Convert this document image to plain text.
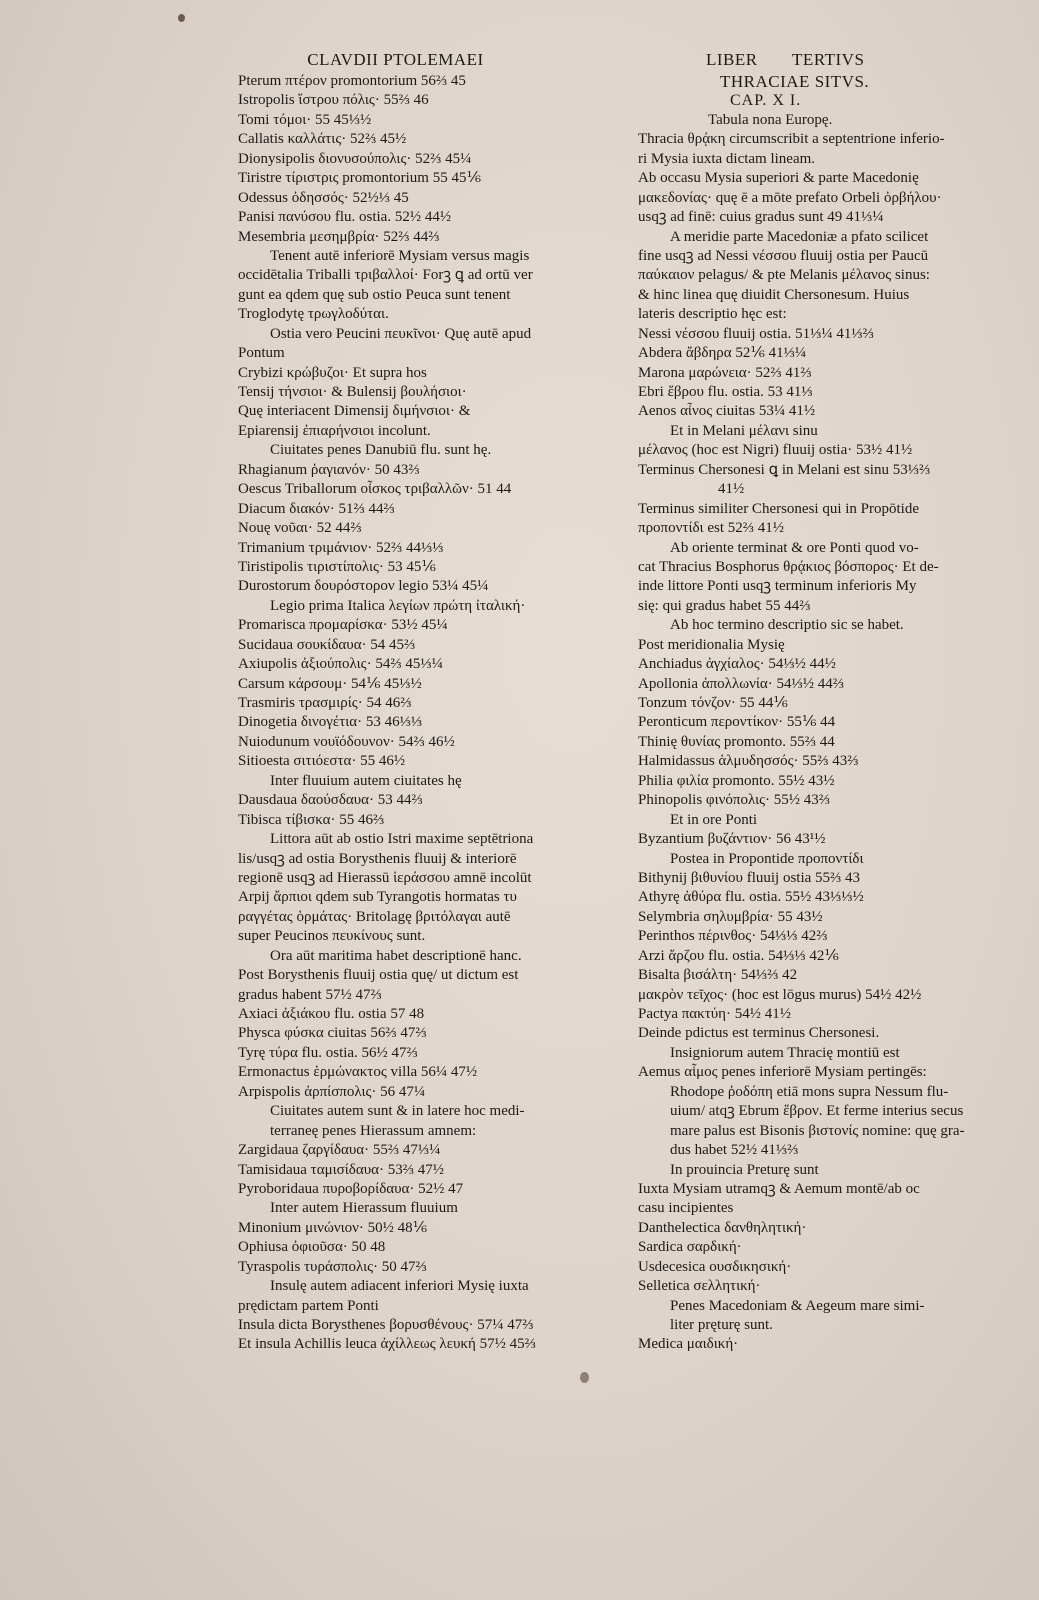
CLAVDII PTOLEMAEI
Pterum πτέρον promontorium 56⅔ 45
Istropolis ἵστρου πόλις· 55⅔ 46
Tomi τόμοι· 55 45⅓½
Callatis καλλάτις· 52⅔ 45½
Dionysipolis διονυσούπολις· 52⅔ 45¼
Tiristre τίριστρις promontorium 55 45⅙
Odessus ὀδησσός· 52½⅓ 45
Panisi πανύσου flu. ostia. 52½ 44½
Mesembria μεσημβρία· 52⅔ 44⅔
Tenent autē inferiorē Mysiam versus magis
occidētalia Triballi τριβαλλοί· Forꝫ ꝗ ad ortū ver
gunt ea qdem quę sub ostio Peuca sunt tenent
Troglodytę τρωγλοδύται.
Ostia vero Peucini πευκῖνοι· Quę autē apud
Pontum
Crybizi κρώβυζοι· Et supra hos
Tensij τήνσιοι· & Bulensij βουλήσιοι·
Quę interiacent Dimensij διμήνσιοι· &
Epiarensij ἐπιαρήνσιοι incolunt.
Ciuitates penes Danubiū flu. sunt hę.
Rhagianum ῥαγιανόν· 50 43⅔
Oescus Triballorum οἶσκος τριβαλλῶν· 51 44
Diacum διακόν· 51⅔ 44⅔
Nouę νοῦαι· 52 44⅔
Trimanium τριμάνιον· 52⅔ 44⅓⅓
Tiristipolis τιριστίπολις· 53 45⅙
Durostorum δουρόστορον legio 53¼ 45¼
Legio prima Italica λεγίων πρώτη ἰταλική·
Promarisca προμαρίσκα· 53½ 45¼
Sucidaua σουκίδαυα· 54 45⅔
Axiupolis ἀξιούπολις· 54⅔ 45⅓¼
Carsum κάρσουμ· 54⅙ 45⅓½
Trasmiris τρασμιρίς· 54 46⅔
Dinogetia δινογέτια· 53 46⅓⅓
Nuiodunum νουϊόδουνον· 54⅔ 46½
Sitioesta σιτιόεστα· 55 46½
Inter fluuium autem ciuitates hę
Dausdaua δαούσδαυα· 53 44⅔
Tibisca τίβισκα· 55 46⅔
Littora aūt ab ostio Istri maxime septētriona
lis/usqꝫ ad ostia Borysthenis fluuij & interiorē
regionē usqꝫ ad Hierassū ἱεράσσου amnē incolūt
Arpij ἄρπιοι qdem sub Tyrangotis hormatas τυ
ραγγέτας ὁρμάτας· Britolagę βριτόλαγαι autē
super Peucinos πευκίνους sunt.
Ora aūt maritima habet descriptionē hanc.
Post Borysthenis fluuij ostia quę/ ut dictum est
gradus habent 57½ 47⅔
Axiaci ἀξιάκου flu. ostia 57 48
Physca φύσκα ciuitas 56⅔ 47⅔
Tyrę τύρα flu. ostia. 56½ 47⅔
Ermonactus ἑρμώνακτος villa 56¼ 47½
Arpispolis ἀρπίσπολις· 56 47¼
Ciuitates autem sunt & in latere hoc medi-
terraneę penes Hierassum amnem:
Zargidaua ζαργίδαυα· 55⅔ 47⅓¼
Tamisidaua ταμισίδαυα· 53⅔ 47½
Pyroboridaua πυροβορίδαυα· 52½ 47
Inter autem Hierassum fluuium
Minonium μινώνιον· 50½ 48⅙
Ophiusa ὀφιοῦσα· 50 48
Tyraspolis τυράσπολις· 50 47⅔
Insulę autem adiacent inferiori Mysię iuxta
prędictam partem Ponti
Insula dicta Borysthenes βορυσθένους· 57¼ 47⅔
Et insula Achillis leuca ἀχίλλεως λευκή 57½ 45⅔
LIBER TERTIVS
THRACIAE SITVS.
CAP. X I.
Tabula nona Europę.
Thracia θρᾴκη circumscribit a septentrione inferio-
ri Mysia iuxta dictam lineam.
Ab occasu Mysia superiori & parte Macedonię
μακεδονίας· quę ē a mōte prefato Orbeli ὀρβήλου·
usqꝫ ad finē: cuius gradus sunt 49 41⅓¼
A meridie parte Macedoniæ a pfato scilicet
fine usqꝫ ad Nessi νέσσου fluuij ostia per Paucū
παύκαιον pelagus/ & pte Melanis μέλανος sinus:
& hinc linea quę diuidit Chersonesum. Huius
lateris descriptio hęc est:
Nessi νέσσου fluuij ostia. 51⅓¼ 41⅓⅔
Abdera ἄβδηρα 52⅙ 41⅓¼
Marona μαρώνεια· 52⅔ 41⅔
Ebri ἕβρου flu. ostia. 53 41⅓
Aenos αἶνος ciuitas 53¼ 41½
Et in Melani μέλανι sinu
μέλανος (hoc est Nigri) fluuij ostia· 53½ 41½
Terminus Chersonesi ꝗ in Melani est sinu 53⅓⅔
41½
Terminus similiter Chersonesi qui in Propōtide
προποντίδι est 52⅔ 41½
Ab oriente terminat & ore Ponti quod vo-
cat Thracius Bosphorus θρᾴκιος βόσπορος· Et de-
inde littore Ponti usqꝫ terminum inferioris My
się: qui gradus habet 55 44⅔
Ab hoc termino descriptio sic se habet.
Post meridionalia Mysię
Anchiadus ἀγχίαλος· 54⅓½ 44½
Apollonia ἀπολλωνία· 54⅓½ 44⅔
Tonzum τόνζον· 55 44⅙
Peronticum περοντίκον· 55⅙ 44
Thinię θυνίας promonto. 55⅔ 44
Halmidassus ἁλμυδησσός· 55⅔ 43⅔
Philia φιλία promonto. 55½ 43½
Phinopolis φινόπολις· 55½ 43⅔
Et in ore Ponti
Byzantium βυζάντιον· 56 43¹½
Postea in Propontide προποντίδι
Bithynij βιθυνίου fluuij ostia 55⅔ 43
Athyrę ἀθύρα flu. ostia. 55½ 43⅓⅓½
Selymbria σηλυμβρία· 55 43½
Perinthos πέρινθος· 54⅓⅓ 42⅔
Arzi ἄρζου flu. ostia. 54⅓⅓ 42⅙
Bisalta βισάλτη· 54⅓⅔ 42
μακρὸν τεῖχος· (hoc est lōgus murus) 54½ 42½
Pactya πακτύη· 54½ 41½
Deinde pdictus est terminus Chersonesi.
Insigniorum autem Thracię montiū est
Aemus αἷμος penes inferiorē Mysiam pertingēs:
Rhodope ῥοδόπη etiā mons supra Nessum flu-
uium/ atqꝫ Ebrum ἕβρον. Et ferme interius secus
mare palus est Bisonis βιστονίς nomine: quę gra-
dus habet 52½ 41⅓⅔
In prouincia Preturę sunt
Iuxta Mysiam utramqꝫ & Aemum montē/ab oc
casu incipientes
Danthelectica δανθηλητική·
Sardica σαρδική·
Usdecesica ουσδικησική·
Selletica σελλητική·
Penes Macedoniam & Aegeum mare simi-
liter pręturę sunt.
Medica μαιδική·
